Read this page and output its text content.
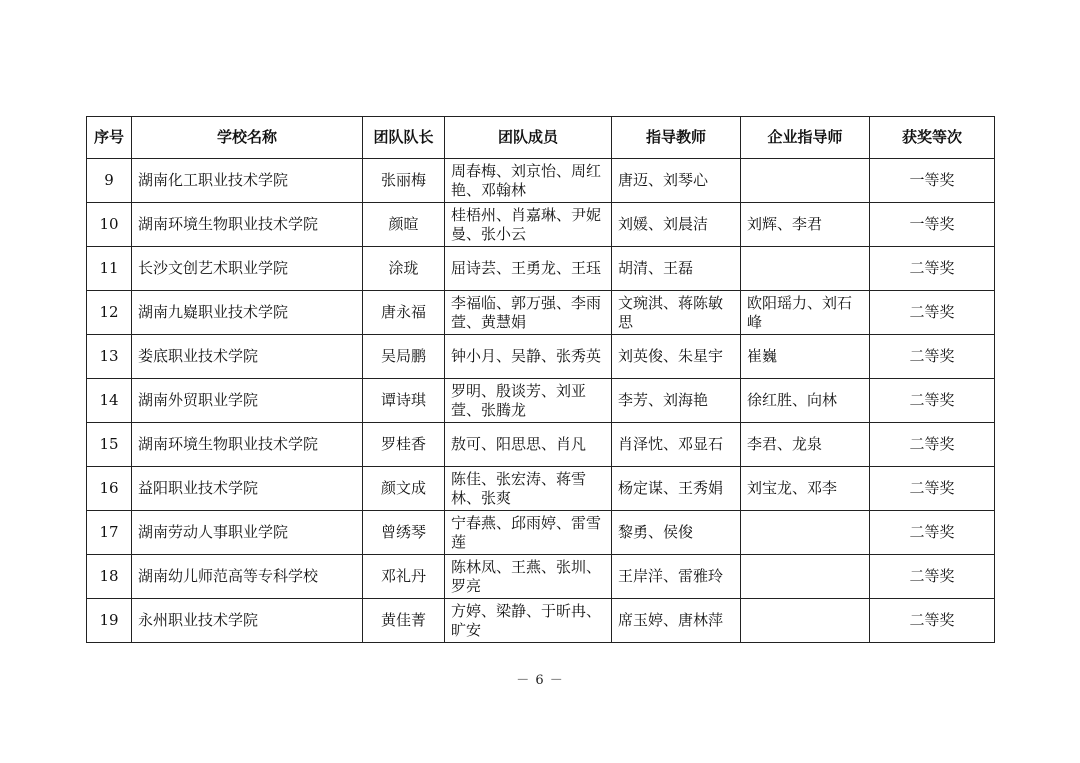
序号	学校名称	团队队长	团队成员	指导教师	企业指导师	获奖等次
9	湖南化工职业技术学院	张丽梅	周春梅、刘京怡、周红艳、邓翰林	唐迈、刘琴心		一等奖
10	湖南环境生物职业技术学院	颜暄	桂梧州、肖嘉琳、尹妮曼、张小云	刘媛、刘晨洁	刘辉、李君	一等奖
11	长沙文创艺术职业学院	涂珑	屈诗芸、王勇龙、王珏	胡清、王磊		二等奖
12	湖南九嶷职业技术学院	唐永福	李福临、郭万强、李雨萱、黄慧娟	文琬淇、蒋陈敏思	欧阳瑶力、刘石峰	二等奖
13	娄底职业技术学院	吴局鹏	钟小月、吴静、张秀英	刘英俊、朱星宇	崔巍	二等奖
14	湖南外贸职业学院	谭诗琪	罗明、殷谈芳、刘亚萱、张腾龙	李芳、刘海艳	徐红胜、向林	二等奖
15	湖南环境生物职业技术学院	罗桂香	敖可、阳思思、肖凡	肖泽忱、邓显石	李君、龙泉	二等奖
16	益阳职业技术学院	颜文成	陈佳、张宏涛、蒋雪林、张爽	杨定谋、王秀娟	刘宝龙、邓李	二等奖
17	湖南劳动人事职业学院	曾绣琴	宁春燕、邱雨婷、雷雪莲	黎勇、侯俊		二等奖
18	湖南幼儿师范高等专科学校	邓礼丹	陈林凤、王燕、张圳、罗亮	王岸洋、雷雅玲		二等奖
19	永州职业技术学院	黄佳菁	方婷、梁静、于昕冉、旷安	席玉婷、唐林萍		二等奖
－ 6 －
